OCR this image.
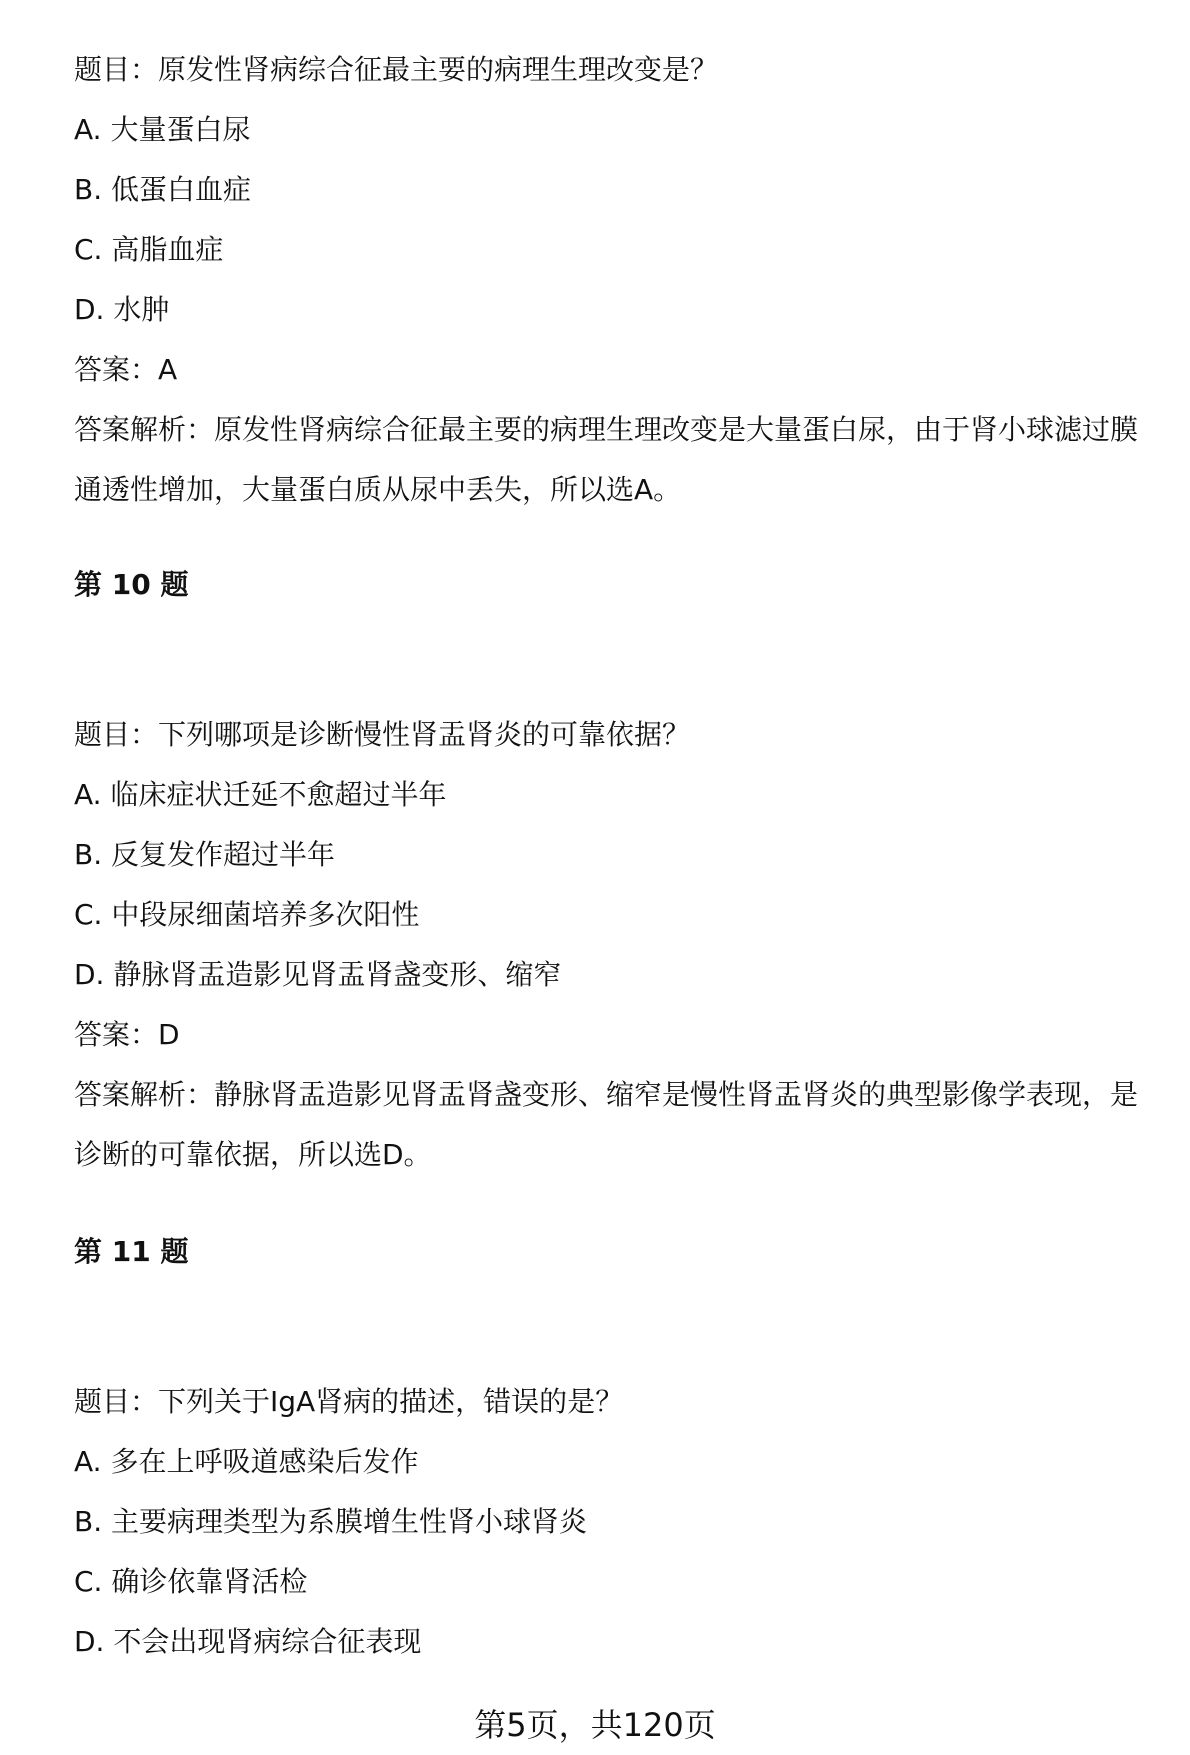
题目：原发性肾病综合征最主要的病理生理改变是？
A. 大量蛋白尿
B. 低蛋白血症
C. 高脂血症
D. 水肿
答案：A
答案解析：原发性肾病综合征最主要的病理生理改变是大量蛋白尿，由于肾小球滤过膜通透性增加，大量蛋白质从尿中丢失，所以选A。
第 10 题
题目：下列哪项是诊断慢性肾盂肾炎的可靠依据？
A. 临床症状迁延不愈超过半年
B. 反复发作超过半年
C. 中段尿细菌培养多次阳性
D. 静脉肾盂造影见肾盂肾盏变形、缩窄
答案：D
答案解析：静脉肾盂造影见肾盂肾盏变形、缩窄是慢性肾盂肾炎的典型影像学表现，是诊断的可靠依据，所以选D。
第 11 题
题目：下列关于IgA肾病的描述，错误的是？
A. 多在上呼吸道感染后发作
B. 主要病理类型为系膜增生性肾小球肾炎
C. 确诊依靠肾活检
D. 不会出现肾病综合征表现
第5页，共120页
